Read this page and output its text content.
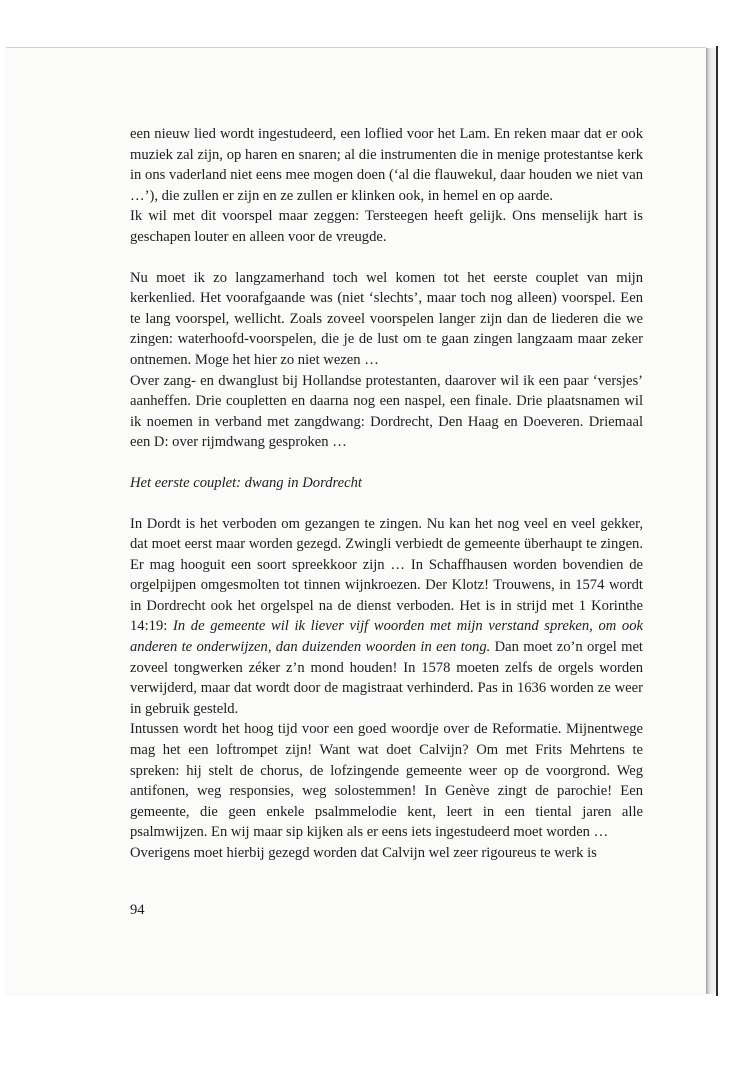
een nieuw lied wordt ingestudeerd, een loflied voor het Lam. En reken maar dat er ook muziek zal zijn, op haren en snaren; al die instrumenten die in menige protestantse kerk in ons vaderland niet eens mee mogen doen (‘al die flauwekul, daar houden we niet van …’), die zullen er zijn en ze zullen er klinken ook, in hemel en op aarde.

Ik wil met dit voorspel maar zeggen: Tersteegen heeft gelijk. Ons menselijk hart is geschapen louter en alleen voor de vreugde.

Nu moet ik zo langzamerhand toch wel komen tot het eerste couplet van mijn kerkenlied. Het voorafgaande was (niet ‘slechts’, maar toch nog alleen) voorspel. Een te lang voorspel, wellicht. Zoals zoveel voorspelen langer zijn dan de liederen die we zingen: waterhoofd-voorspelen, die je de lust om te gaan zingen langzaam maar zeker ontnemen. Moge het hier zo niet wezen …

Over zang- en dwanglust bij Hollandse protestanten, daarover wil ik een paar ‘versjes’ aanheffen. Drie coupletten en daarna nog een naspel, een finale. Drie plaatsnamen wil ik noemen in verband met zangdwang: Dordrecht, Den Haag en Doeveren. Driemaal een D: over rijmdwang gesproken …

Het eerste couplet: dwang in Dordrecht

In Dordt is het verboden om gezangen te zingen. Nu kan het nog veel en veel gekker, dat moet eerst maar worden gezegd. Zwingli verbiedt de gemeente überhaupt te zingen. Er mag hooguit een soort spreekkoor zijn … In Schaffhausen worden bovendien de orgelpijpen omgesmolten tot tinnen wijnkroezen. Der Klotz! Trouwens, in 1574 wordt in Dordrecht ook het orgelspel na de dienst verboden. Het is in strijd met 1 Korinthe 14:19: In de gemeente wil ik liever vijf woorden met mijn verstand spreken, om ook anderen te onderwijzen, dan duizenden woorden in een tong. Dan moet zo’n orgel met zoveel tongwerken zéker z’n mond houden! In 1578 moeten zelfs de orgels worden verwijderd, maar dat wordt door de magistraat verhinderd. Pas in 1636 worden ze weer in gebruik gesteld.

Intussen wordt het hoog tijd voor een goed woordje over de Reformatie. Mijnentwege mag het een loftrompet zijn! Want wat doet Calvijn? Om met Frits Mehrtens te spreken: hij stelt de chorus, de lofzingende gemeente weer op de voorgrond. Weg antifonen, weg responsies, weg solostemmen! In Genève zingt de parochie! Een gemeente, die geen enkele psalmmelodie kent, leert in een tiental jaren alle psalmwijzen. En wij maar sip kijken als er eens iets ingestudeerd moet worden …

Overigens moet hierbij gezegd worden dat Calvijn wel zeer rigoureus te werk is

94
